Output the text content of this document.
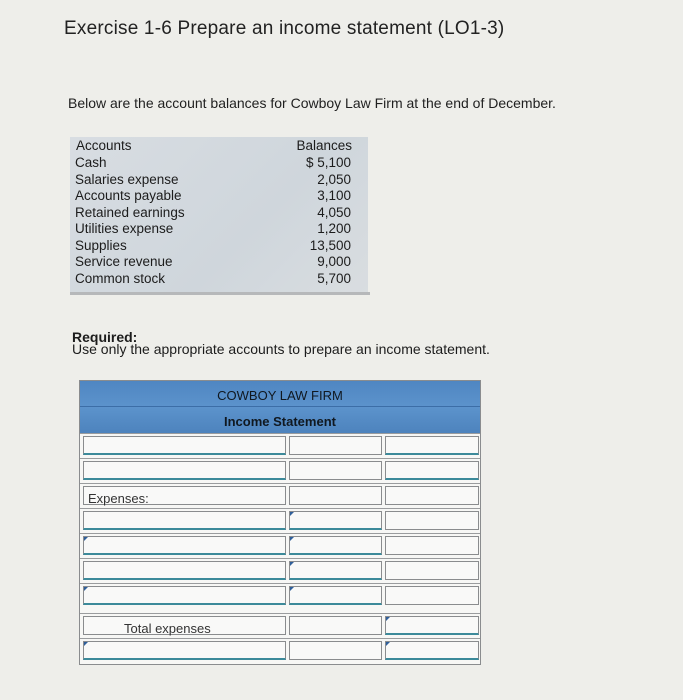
Exercise 1-6 Prepare an income statement (LO1-3)
Below are the account balances for Cowboy Law Firm at the end of December.
Accounts	Balances
Cash	$ 5,100
Salaries expense	2,050
Accounts payable	3,100
Retained earnings	4,050
Utilities expense	1,200
Supplies	13,500
Service revenue	9,000
Common stock	5,700
Required:
Use only the appropriate accounts to prepare an income statement.
COWBOY LAW FIRM
Income Statement
Expenses:
Total expenses
